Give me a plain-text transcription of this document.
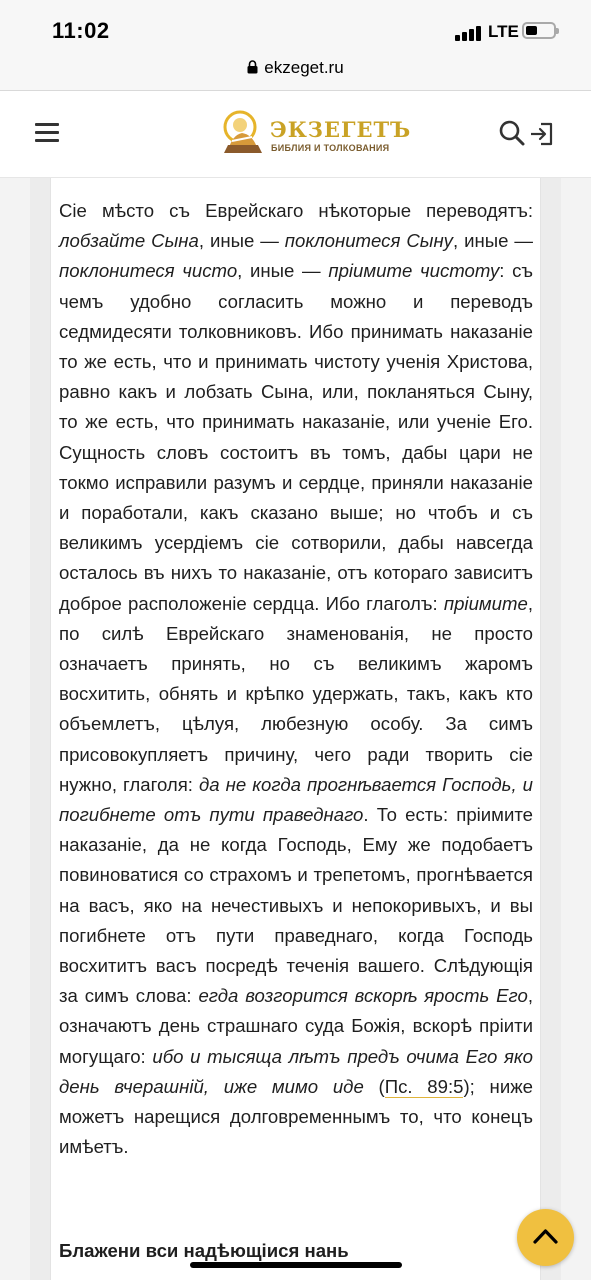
11:02	LTE
ekzeget.ru
ЭКЗЕГЕТЪ
БИБЛИЯ И ТОЛКОВАНИЯ

Сiе мѣсто съ Еврейскаго нѣкоторые переводятъ: лобзайте Сына, иные — поклонитеся Сыну, иные — поклонитеся чисто, иные — прiимите чистоту: съ чемъ удобно согласить можно и переводъ седмидесяти толковниковъ. Ибо принимать наказанiе то же есть, что и принимать чистоту ученiя Христова, равно какъ и лобзать Сына, или, покланяться Сыну, то же есть, что принимать наказанiе, или ученiе Его. Сущность словъ состоитъ въ томъ, дабы цари не токмо исправили разумъ и сердце, приняли наказанiе и поработали, какъ сказано выше; но чтобъ и съ великимъ усердiемъ сiе сотворили, дабы навсегда осталось въ нихъ то наказанiе, отъ котораго зависитъ доброе расположенiе сердца. Ибо глаголъ: прiимите, по силѣ Еврейскаго знаменованiя, не просто означаетъ принять, но съ великимъ жаромъ восхитить, обнять и крѣпко удержать, такъ, какъ кто объемлетъ, цѣлуя, любезную особу. За симъ присовокупляетъ причину, чего ради творить сiе нужно, глаголя: да не когда прогнѣвается Господь, и погибнете отъ пути праведнаго. То есть: прiимите наказанiе, да не когда Господь, Ему же подобаетъ повиноватися со страхомъ и трепетомъ, прогнѣвается на васъ, яко на нечестивыхъ и непокоривыхъ, и вы погибнете отъ пути праведнаго, когда Господь восхититъ васъ посредѣ теченiя вашего. Слѣдующiя за симъ слова: егда возгорится вскорѣ ярость Его, означаютъ день страшнаго суда Божiя, вскорѣ прiити могущаго: ибо и тысяща лѣтъ предъ очима Его яко день вчерашнiй, иже мимо иде (Пс. 89:5); ниже можетъ нарещися долговременнымъ то, что конецъ имѣетъ.

Блажени вси надѣющiися нань
